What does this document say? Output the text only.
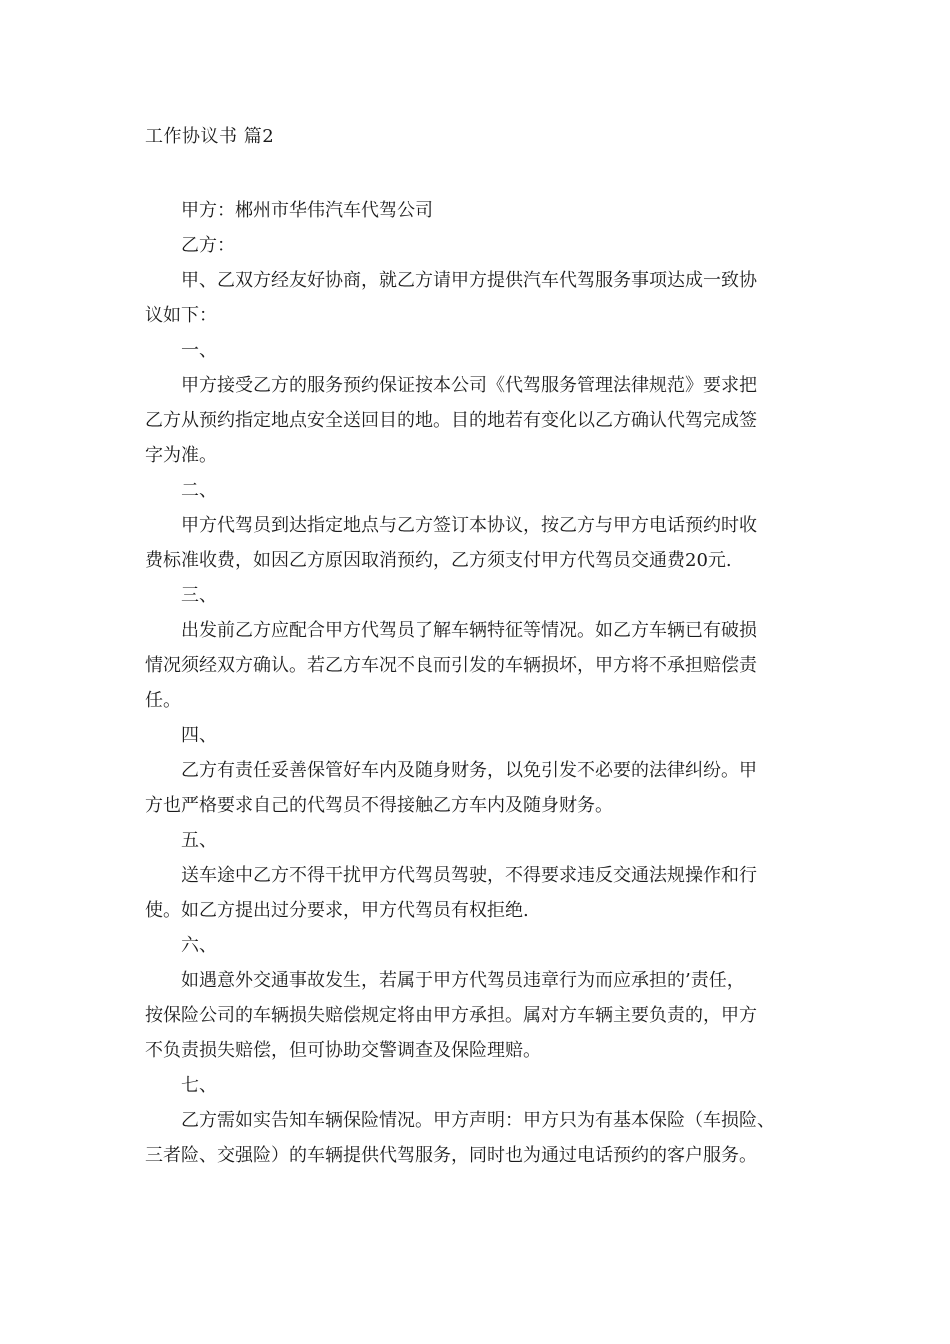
工作协议书 篇2

甲方：郴州市华伟汽车代驾公司

乙方：

甲、乙双方经友好协商，就乙方请甲方提供汽车代驾服务事项达成一致协

议如下：

一、

甲方接受乙方的服务预约保证按本公司《代驾服务管理法律规范》要求把

乙方从预约指定地点安全送回目的地。目的地若有变化以乙方确认代驾完成签

字为准。

二、

甲方代驾员到达指定地点与乙方签订本协议，按乙方与甲方电话预约时收

费标准收费，如因乙方原因取消预约，乙方须支付甲方代驾员交通费20元.

三、

出发前乙方应配合甲方代驾员了解车辆特征等情况。如乙方车辆已有破损

情况须经双方确认。若乙方车况不良而引发的车辆损坏，甲方将不承担赔偿责

任。

四、

乙方有责任妥善保管好车内及随身财务，以免引发不必要的法律纠纷。甲

方也严格要求自己的代驾员不得接触乙方车内及随身财务。

五、

送车途中乙方不得干扰甲方代驾员驾驶，不得要求违反交通法规操作和行

使。如乙方提出过分要求，甲方代驾员有权拒绝.

六、

如遇意外交通事故发生，若属于甲方代驾员违章行为而应承担的’责任，

按保险公司的车辆损失赔偿规定将由甲方承担。属对方车辆主要负责的，甲方

不负责损失赔偿，但可协助交警调查及保险理赔。

七、

乙方需如实告知车辆保险情况。甲方声明：甲方只为有基本保险（车损险、

三者险、交强险）的车辆提供代驾服务，同时也为通过电话预约的客户服务。
